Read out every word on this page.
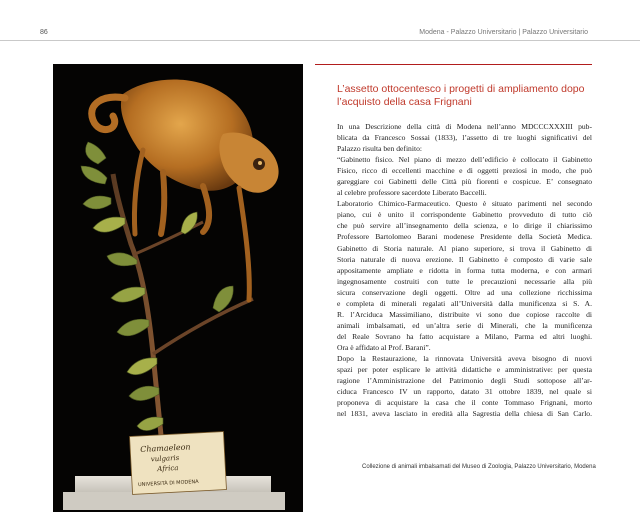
86	Modena - Palazzo Universitario | Palazzo Universitario
Chamaeleon
vulgaris
Africa
UNIVERSITÀ DI MODENA
L’assetto ottocentesco i progetti di ampliamento dopo
l’acquisto della casa Frignani
In una Descrizione della città di Modena nell’anno MDCCCXXXIII pub-
blicata da Francesco Sossai (1833), l’assetto di tre luoghi significativi del
Palazzo risulta ben definito:
“Gabinetto fisico. Nel piano di mezzo dell’edificio è collocato il Gabinetto
Fisico, ricco di eccellenti macchine e di oggetti preziosi in modo, che può
gareggiare coi Gabinetti delle Città più fiorenti e cospicue. E’ consegnato
al celebre professore sacerdote Liberato Baccelli.
Laboratorio Chimico-Farmaceutico. Questo è situato parimenti nel secondo
piano, cui è unito il corrispondente Gabinetto provveduto di tutto ciò
che può servire all’insegnamento della scienza, e lo dirige il chiarissimo
Professore Bartolomeo Barani modenese Presidente della Società Medica.
Gabinetto di Storia naturale. Al piano superiore, si trova il Gabinetto di
Storia naturale di nuova erezione. Il Gabinetto è composto di varie sale
appositamente ampliate e ridotta in forma tutta moderna, e con armari
ingegnosamente costruiti con tutte le precauzioni necessarie alla più
sicura conservazione degli oggetti. Oltre ad una collezione ricchissima
e completa di minerali regalati all’Università dalla munificenza si S. A.
R. l’Arciduca Massimiliano, distribuite vi sono due copiose raccolte di
animali imbalsamati, ed un’altra serie di Minerali, che la munificenza
del Reale Sovrano ha fatto acquistare a Milano, Parma ed altri luoghi.
Ora è affidato al Prof. Barani”.
Dopo la Restaurazione, la rinnovata Università aveva bisogno di nuovi
spazi per poter esplicare le attività didattiche e amministrative: per questa
ragione l’Amministrazione del Patrimonio degli Studi sottopose all’ar-
ciduca Francesco IV un rapporto, datato 31 ottobre 1839, nel quale si
proponeva di acquistare la casa che il conte Tommaso Frignani, morto
nel 1831, aveva lasciato in eredità alla Sagrestia della chiesa di San Carlo.
Collezione di animali imbalsamati del Museo di Zoologia, Palazzo Universitario, Modena
